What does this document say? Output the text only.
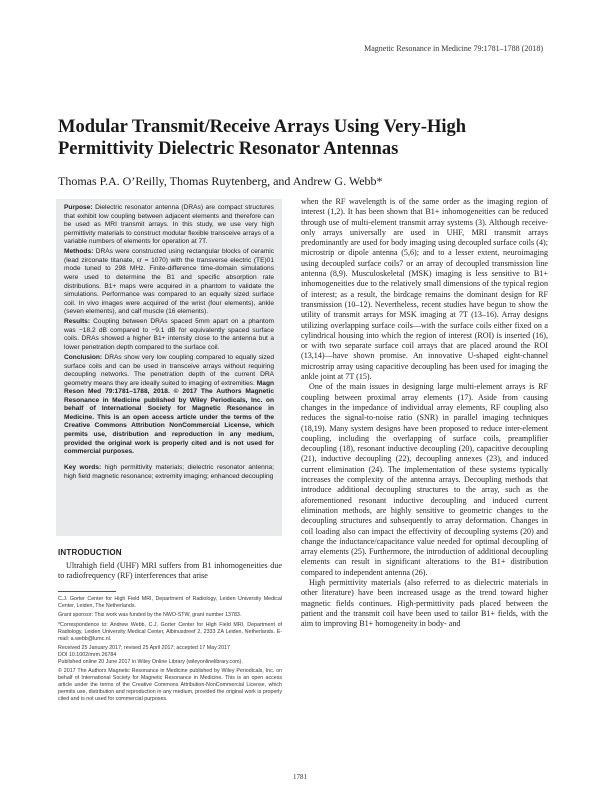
Magnetic Resonance in Medicine 79:1781–1788 (2018)
Modular Transmit/Receive Arrays Using Very-High Permittivity Dielectric Resonator Antennas
Thomas P.A. O’Reilly, Thomas Ruytenberg, and Andrew G. Webb*

Purpose: Dielectric resonator antenna (DRAs) are compact structures that exhibit low coupling between adjacent elements and therefore can be used as MRI transmit arrays. In this study, we use very high permittivity materials to construct modular flexible transceive arrays of a variable numbers of elements for operation at 7T.

Methods: DRAs were constructed using rectangular blocks of ceramic (lead zirconate titanate, εr = 1070) with the transverse electric (TE)01 mode tuned to 298 MHz. Finite-difference time-domain simulations were used to determine the B1 and specific absorption rate distributions. B1+ maps were acquired in a phantom to validate the simulations. Performance was compared to an equally sized surface coil. In vivo images were acquired of the wrist (four elements), ankle (seven elements), and calf muscle (16 elements).

Results: Coupling between DRAs spaced 5mm apart on a phantom was −18.2 dB compared to −9.1 dB for equivalently spaced surface coils. DRAs showed a higher B1+ intensity close to the antenna but a lower penetration depth compared to the surface coil.

Conclusion: DRAs show very low coupling compared to equally sized surface coils and can be used in transceive arrays without requiring decoupling networks. The penetration depth of the current DRA geometry means they are ideally suited to imaging of extremities. Magn Reson Med 79:1781–1788, 2018. © 2017 The Authors Magnetic Resonance in Medicine published by Wiley Periodicals, Inc. on behalf of International Society for Magnetic Resonance in Medicine. This is an open access article under the terms of the Creative Commons Attribution NonCommercial License, which permits use, distribution and reproduction in any medium, provided the original work is properly cited and is not used for commercial purposes.

Key words: high permittivity materials; dielectric resonator antenna; high field magnetic resonance; extremity imaging; enhanced decoupling

INTRODUCTION

Ultrahigh field (UHF) MRI suffers from B1 inhomogeneities due to radiofrequency (RF) interferences that arise

C.J. Gorter Center for High Field MRI, Department of Radiology, Leiden University Medical Center, Leiden, The Netherlands.

Grant sponsor: This work was funded by the NWO-STW, grant number 13783.

*Correspondence to: Andrew Webb, C.J. Gorter Center for High Field MRI, Department of Radiology, Leiden University Medical Center, Albinusdreef 2, 2333 ZA Leiden, Netherlands. E-mail: a.webb@lumc.nl.

Received 25 January 2017; revised 25 April 2017; accepted 17 May 2017
DOI 10.1002/mrm.26784
Published online 20 June 2017 in Wiley Online Library (wileyonlinelibrary.com).

© 2017 The Authors Magnetic Resonance in Medicine published by Wiley Periodicals, Inc. on behalf of International Society for Magnetic Resonance in Medicine. This is an open access article under the terms of the Creative Commons Attribution-NonCommercial License, which permits use, distribution and reproduction in any medium, provided the original work is properly cited and is not used for commercial purposes.

when the RF wavelength is of the same order as the imaging region of interest (1,2). It has been shown that B1+ inhomogeneities can be reduced through use of multi-element transmit array systems (3). Although receive-only arrays universally are used in UHF, MRI transmit arrays predominantly are used for body imaging using decoupled surface coils (4); microstrip or dipole antenna (5,6); and to a lesser extent, neuroimaging using decoupled surface coils7 or an array of decoupled transmission line antenna (8,9). Musculoskeletal (MSK) imaging is less sensitive to B1+ inhomogeneities due to the relatively small dimensions of the typical region of interest; as a result, the birdcage remains the dominant design for RF transmission (10–12). Nevertheless, recent studies have begun to show the utility of transmit arrays for MSK imaging at 7T (13–16). Array designs utilizing overlapping surface coils—with the surface coils either fixed on a cylindrical housing into which the region of interest (ROI) is inserted (16), or with two separate surface coil arrays that are placed around the ROI (13,14)—have shown promise. An innovative U-shaped eight-channel microstrip array using capacitive decoupling has been used for imaging the ankle joint at 7T (15).

One of the main issues in designing large multi-element arrays is RF coupling between proximal array elements (17). Aside from causing changes in the impedance of individual array elements, RF coupling also reduces the signal-to-noise ratio (SNR) in parallel imaging techniques (18,19). Many system designs have been proposed to reduce inter-element coupling, including the overlapping of surface coils, preamplifier decoupling (18), resonant inductive decoupling (20), capacitive decoupling (21), inductive decoupling (22), decoupling annexes (23), and induced current elimination (24). The implementation of these systems typically increases the complexity of the antenna arrays. Decoupling methods that introduce additional decoupling structures to the array, such as the aforementioned resonant inductive decoupling and induced current elimination methods, are highly sensitive to geometric changes to the decoupling structures and subsequently to array deformation. Changes in coil loading also can impact the effectivity of decoupling systems (20) and change the inductance/capacitance value needed for optimal decoupling of array elements (25). Furthermore, the introduction of additional decoupling elements can result in significant alterations to the B1+ distribution compared to independent antenna (26).

High permittivity materials (also referred to as dielectric materials in other literature) have been increased usage as the trend toward higher magnetic fields continues. High-permittivity pads placed between the patient and the transmit coil have been used to tailor B1+ fields, with the aim to improving B1+ homogeneity in body- and

1781
